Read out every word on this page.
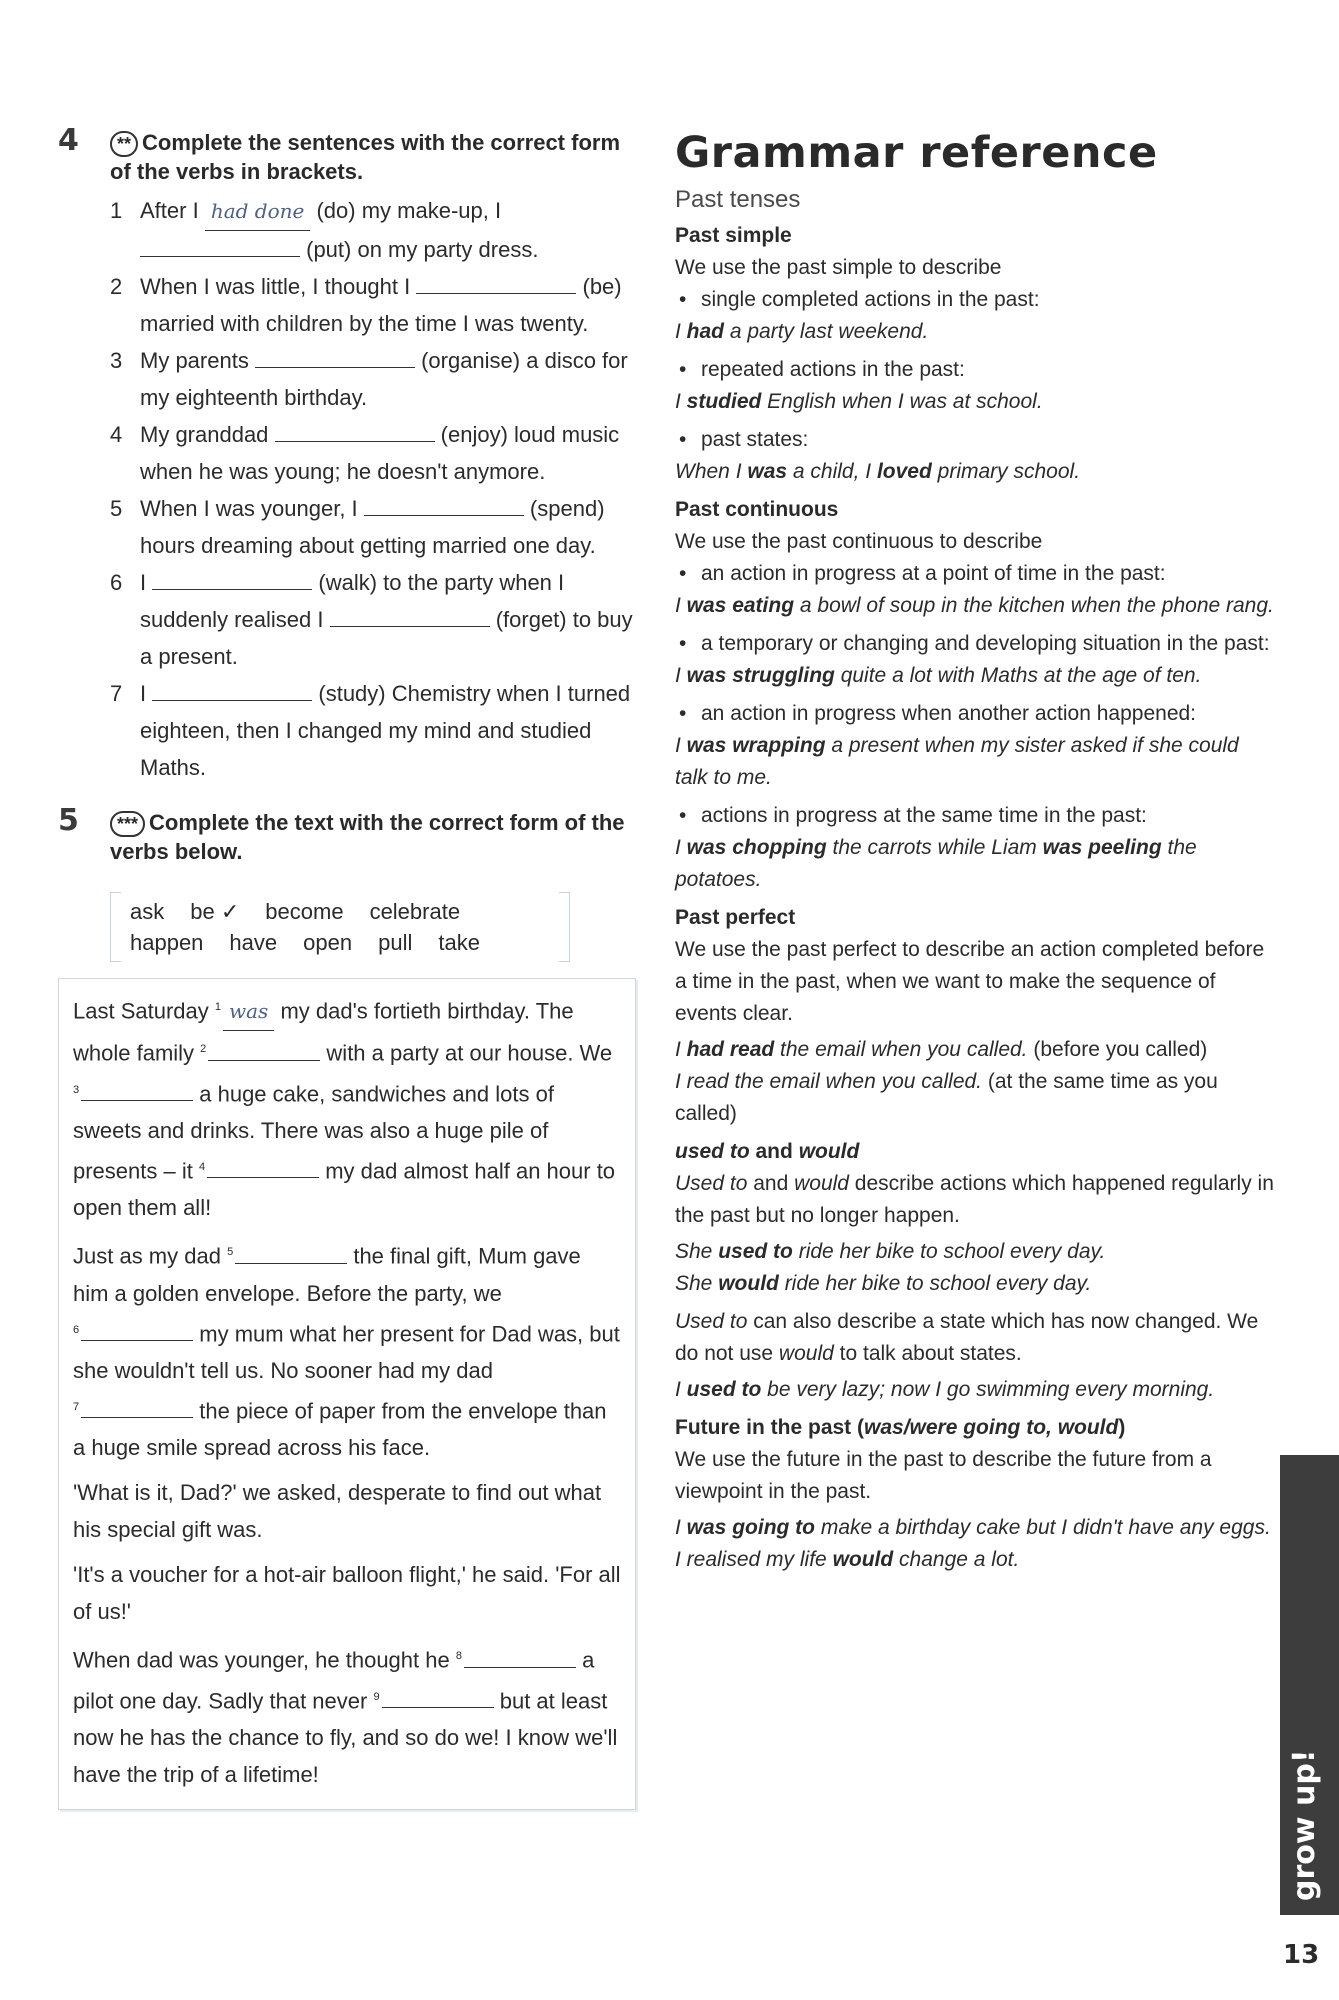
4 ** Complete the sentences with the correct form of the verbs in brackets.
1 After I had done (do) my make-up, I
(put) on my party dress.
2 When I was little, I thought I	(be) married with children by the time I was twenty.
3 My parents	(organise) a disco for my eighteenth birthday.
4 My granddad	(enjoy) loud music when he was young; he doesn't anymore.
5 When I was younger, I	(spend) hours dreaming about getting married one day.
6 I	(walk) to the party when I suddenly realised I	(forget) to buy a present.
7 I	(study) Chemistry when I turned eighteen, then I changed my mind and studied Maths.
5 *** Complete the text with the correct form of the verbs below.
ask be ✓ become celebrate
happen have open pull take

Last Saturday $^1$ was my dad's fortieth birthday. The whole family $^2$	with a party at our house. We $^3$	a huge cake, sandwiches and lots of sweets and drinks. There was also a huge pile of presents – it $^4$	my dad almost half an hour to open them all!

Just as my dad $^5$	the final gift, Mum gave him a golden envelope. Before the party, we
$^6$	my mum what her present for Dad was, but she wouldn't tell us. No sooner had my dad
$^7$	the piece of paper from the envelope than a huge smile spread across his face.

'What is it, Dad?' we asked, desperate to find out what his special gift was.

'It's a voucher for a hot-air balloon flight,' he said. 'For all of us!'

When dad was younger, he thought he $^8$	a pilot one day. Sadly that never $^9$	but at least now he has the chance to fly, and so do we! I know we'll have the trip of a lifetime!

Grammar reference
Past tenses
Past simple

We use the past simple to describe

• single completed actions in the past:

I had a party last weekend.

• repeated actions in the past:

I studied English when I was at school.

• past states:

When I was a child, I loved primary school.

Past continuous

We use the past continuous to describe

• an action in progress at a point of time in the past:

I was eating a bowl of soup in the kitchen when the phone rang.

• a temporary or changing and developing situation in the past:

I was struggling quite a lot with Maths at the age of ten.

• an action in progress when another action happened:

I was wrapping a present when my sister asked if she could talk to me.

• actions in progress at the same time in the past:

I was chopping the carrots while Liam was peeling the potatoes.

Past perfect

We use the past perfect to describe an action completed before a time in the past, when we want to make the sequence of events clear.

I had read the email when you called. (before you called)

I read the email when you called. (at the same time as you called)

used to and would

Used to and would describe actions which happened regularly in the past but no longer happen.

She used to ride her bike to school every day.

She would ride her bike to school every day.

Used to can also describe a state which has now changed. We do not use would to talk about states.

I used to be very lazy; now I go swimming every morning.

Future in the past (was/were going to, would)

We use the future in the past to describe the future from a viewpoint in the past.

I was going to make a birthday cake but I didn't have any eggs.

I realised my life would change a lot.

grow up!
13
